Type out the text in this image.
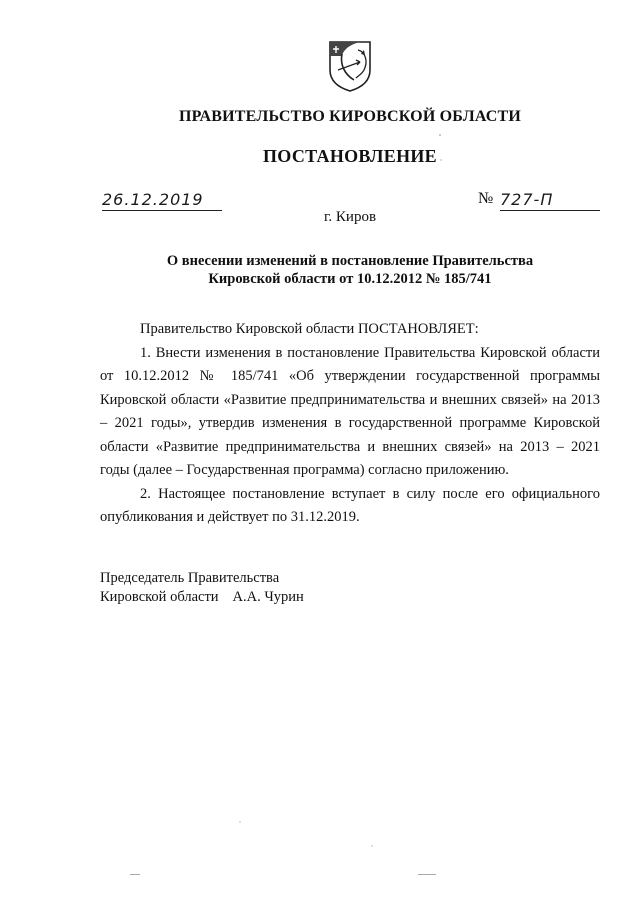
ПРАВИТЕЛЬСТВО КИРОВСКОЙ ОБЛАСТИ
ПОСТАНОВЛЕНИЕ
26.12.2019	№ 727-П
г. Киров
О внесении изменений в постановление Правительства
Кировской области от 10.12.2012 № 185/741

Правительство Кировской области ПОСТАНОВЛЯЕТ:

1. Внести изменения в постановление Правительства Кировской области от 10.12.2012 № 185/741 «Об утверждении государственной программы Кировской области «Развитие предпринимательства и внешних связей» на 2013 – 2021 годы», утвердив изменения в государственной программе Кировской области «Развитие предпринимательства и внешних связей» на 2013 – 2021 годы (далее – Государственная программа) согласно приложению.

2. Настоящее постановление вступает в силу после его официального опубликования и действует по 31.12.2019.

Председатель Правительства
Кировской области А.А. Чурин
